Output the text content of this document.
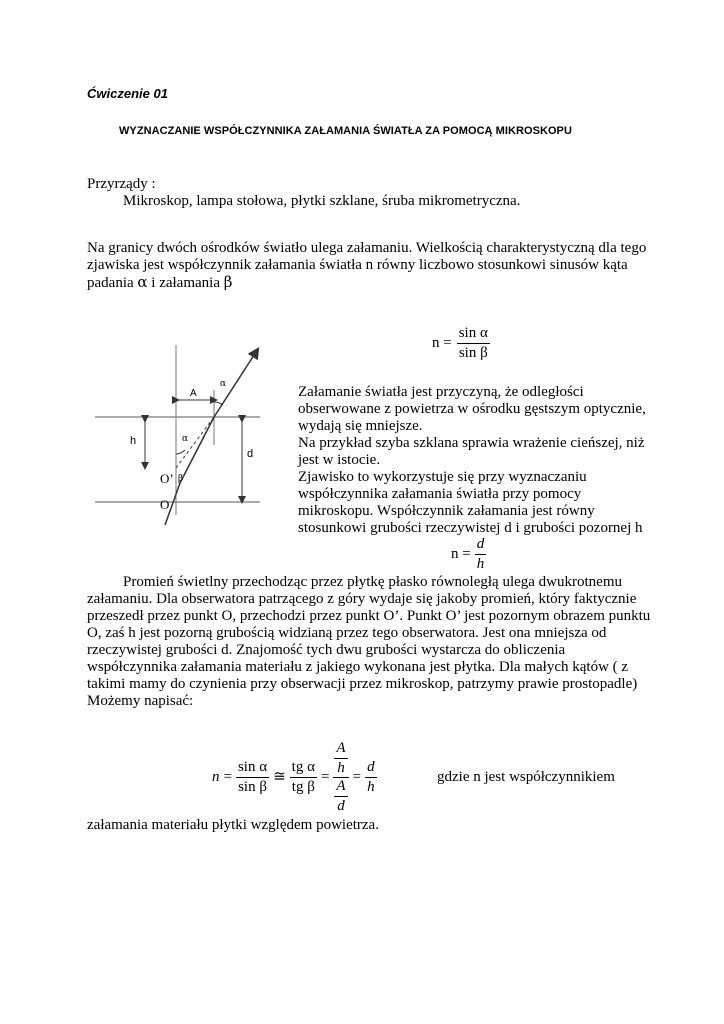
Ćwiczenie 01
WYZNACZANIE WSPÓŁCZYNNIKA ZAŁAMANIA ŚWIATŁA ZA POMOCĄ MIKROSKOPU
Przyrządy :
Mikroskop, lampa stołowa, płytki szklane, śruba mikrometryczna.
Na granicy dwóch ośrodków światło ulega załamaniu. Wielkością charakterystyczną dla tego
zjawiska jest współczynnik załamania światła n równy liczbowo stosunkowi sinusów kąta
padania α i załamania β
$n = \frac{\text{sin α}}{\text{sin β}}$
A
α
α
h
d
β
O’
O
Załamanie światła jest przyczyną, że odległości
obserwowane z powietrza w ośrodku gęstszym optycznie,
wydają się mniejsze.
Na przykład szyba szklana sprawia wrażenie cieńszej, niż
jest w istocie.
Zjawisko to wykorzystuje się przy wyznaczaniu
współczynnika załamania światła przy pomocy
mikroskopu. Współczynnik załamania jest równy
stosunkowi grubości rzeczywistej d i grubości pozornej h
$n = \frac{d}{h}$
Promień świetlny przechodząc przez płytkę płasko równoległą ulega dwukrotnemu
załamaniu. Dla obserwatora patrzącego z góry wydaje się jakoby promień, który faktycznie
przeszedł przez punkt O, przechodzi przez punkt O’. Punkt O’ jest pozornym obrazem punktu
O, zaś h jest pozorną grubością widzianą przez tego obserwatora. Jest ona mniejsza od
rzeczywistej grubości d. Znajomość tych dwu grubości wystarcza do obliczenia
współczynnika załamania materiału z jakiego wykonana jest płytka. Dla małych kątów ( z
takimi mamy do czynienia przy obserwacji przez mikroskop, patrzymy prawie prostopadle)
Możemy napisać:
$n = \frac{\text{sin α}}{\text{sin β}}$ ≅ $\frac{\text{tg α}}{\text{tg β}} = \frac{\frac{A}{h}}{\frac{A}{d}} = \frac{d}{h}$	gdzie n jest współczynnikiem
załamania materiału płytki względem powietrza.
